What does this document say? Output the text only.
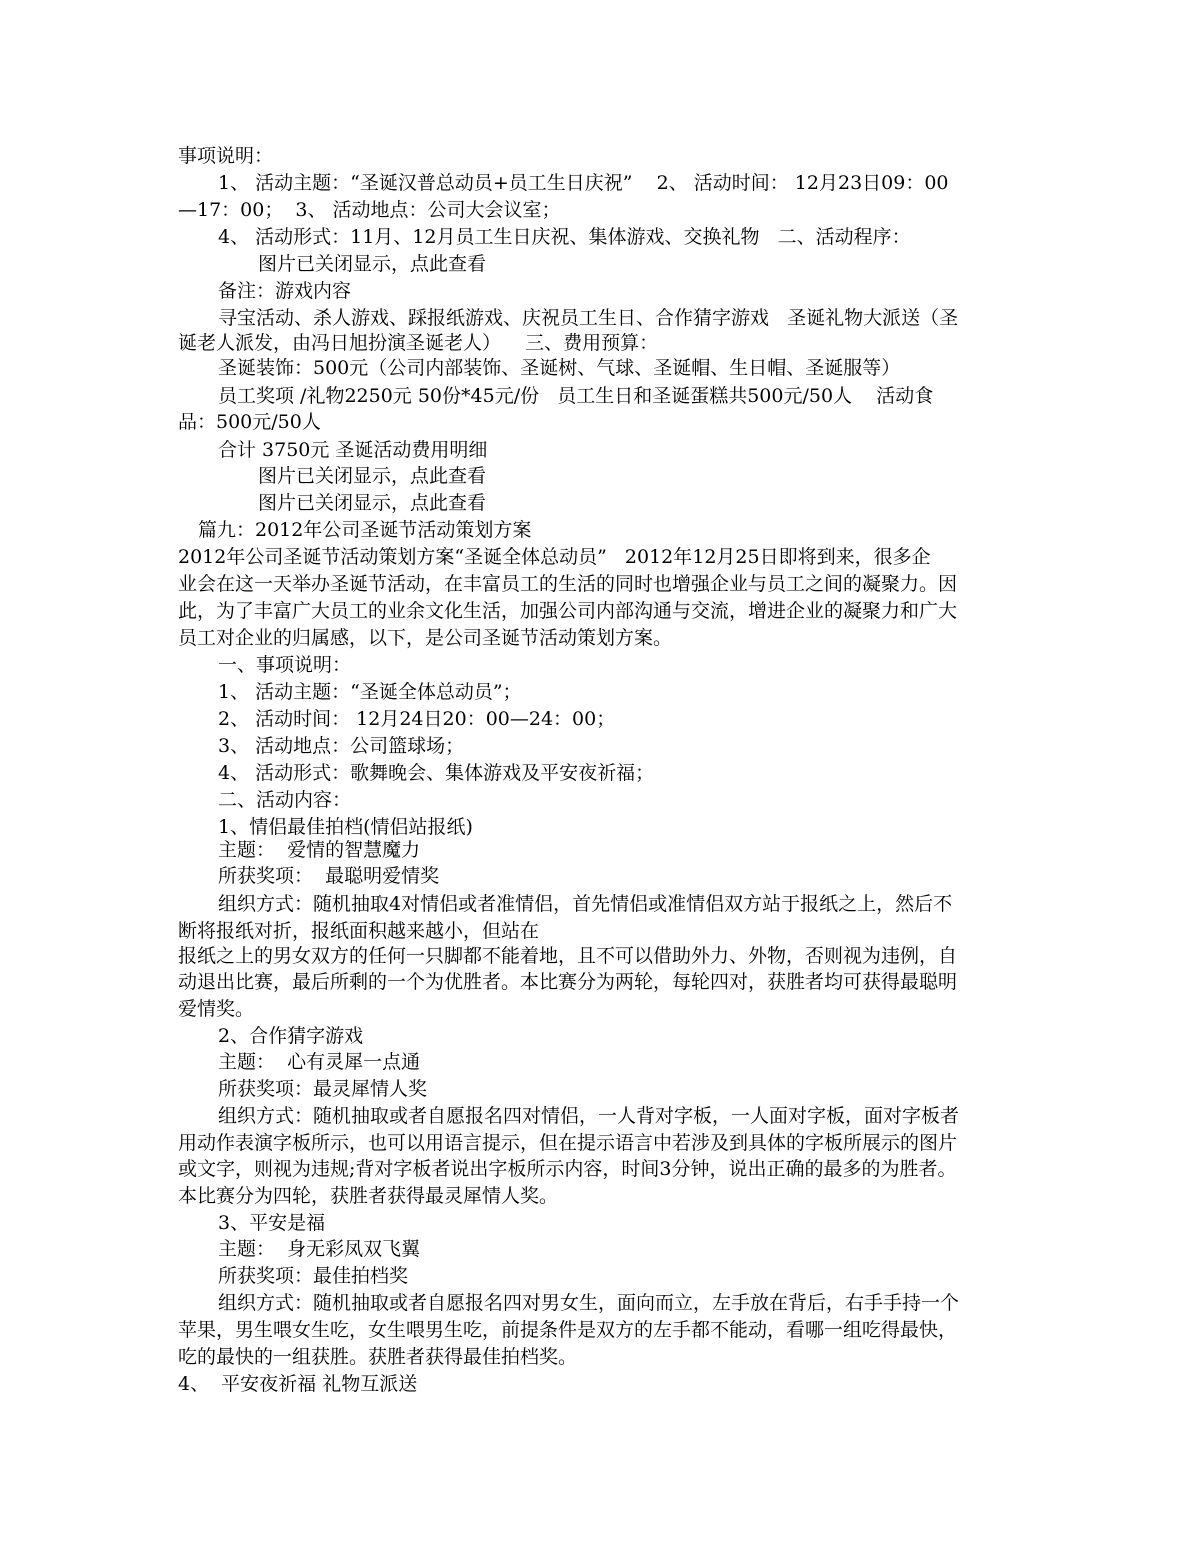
事项说明：
1、 活动主题：“圣诞汉普总动员+员工生日庆祝”    2、 活动时间： 12月23日09：00
—17：00；  3、 活动地点：公司大会议室；
4、 活动形式：11月、12月员工生日庆祝、集体游戏、交换礼物   二、活动程序：
图片已关闭显示，点此查看
备注：游戏内容
寻宝活动、杀人游戏、踩报纸游戏、庆祝员工生日、合作猜字游戏   圣诞礼物大派送（圣
诞老人派发，由冯日旭扮演圣诞老人）    三、费用预算：
圣诞装饰：500元（公司内部装饰、圣诞树、气球、圣诞帽、生日帽、圣诞服等）
员工奖项 /礼物2250元 50份*45元/份   员工生日和圣诞蛋糕共500元/50人    活动食
品：500元/50人
合计 3750元 圣诞活动费用明细
图片已关闭显示，点此查看
图片已关闭显示，点此查看
篇九：2012年公司圣诞节活动策划方案
2012年公司圣诞节活动策划方案“圣诞全体总动员”   2012年12月25日即将到来，很多企
业会在这一天举办圣诞节活动，在丰富员工的生活的同时也增强企业与员工之间的凝聚力。因
此，为了丰富广大员工的业余文化生活，加强公司内部沟通与交流，增进企业的凝聚力和广大
员工对企业的归属感，以下，是公司圣诞节活动策划方案。
一、事项说明：
1、 活动主题：“圣诞全体总动员”；
2、 活动时间： 12月24日20：00—24：00；
3、 活动地点：公司篮球场；
4、 活动形式：歌舞晚会、集体游戏及平安夜祈福；
二、活动内容：
1、情侣最佳拍档(情侣站报纸)
主题：  爱情的智慧魔力
所获奖项：  最聪明爱情奖
组织方式：随机抽取4对情侣或者准情侣，首先情侣或准情侣双方站于报纸之上，然后不
断将报纸对折，报纸面积越来越小，但站在
报纸之上的男女双方的任何一只脚都不能着地，且不可以借助外力、外物，否则视为违例，自
动退出比赛，最后所剩的一个为优胜者。本比赛分为两轮，每轮四对，获胜者均可获得最聪明
爱情奖。
2、合作猜字游戏
主题：  心有灵犀一点通
所获奖项：最灵犀情人奖
组织方式：随机抽取或者自愿报名四对情侣，一人背对字板，一人面对字板，面对字板者
用动作表演字板所示，也可以用语言提示，但在提示语言中若涉及到具体的字板所展示的图片
或文字，则视为违规;背对字板者说出字板所示内容，时间3分钟，说出正确的最多的为胜者。
本比赛分为四轮，获胜者获得最灵犀情人奖。
3、平安是福
主题：  身无彩凤双飞翼
所获奖项：最佳拍档奖
组织方式：随机抽取或者自愿报名四对男女生，面向而立，左手放在背后，右手手持一个
苹果，男生喂女生吃，女生喂男生吃，前提条件是双方的左手都不能动，看哪一组吃得最快，
吃的最快的一组获胜。获胜者获得最佳拍档奖。
4、  平安夜祈福 礼物互派送
